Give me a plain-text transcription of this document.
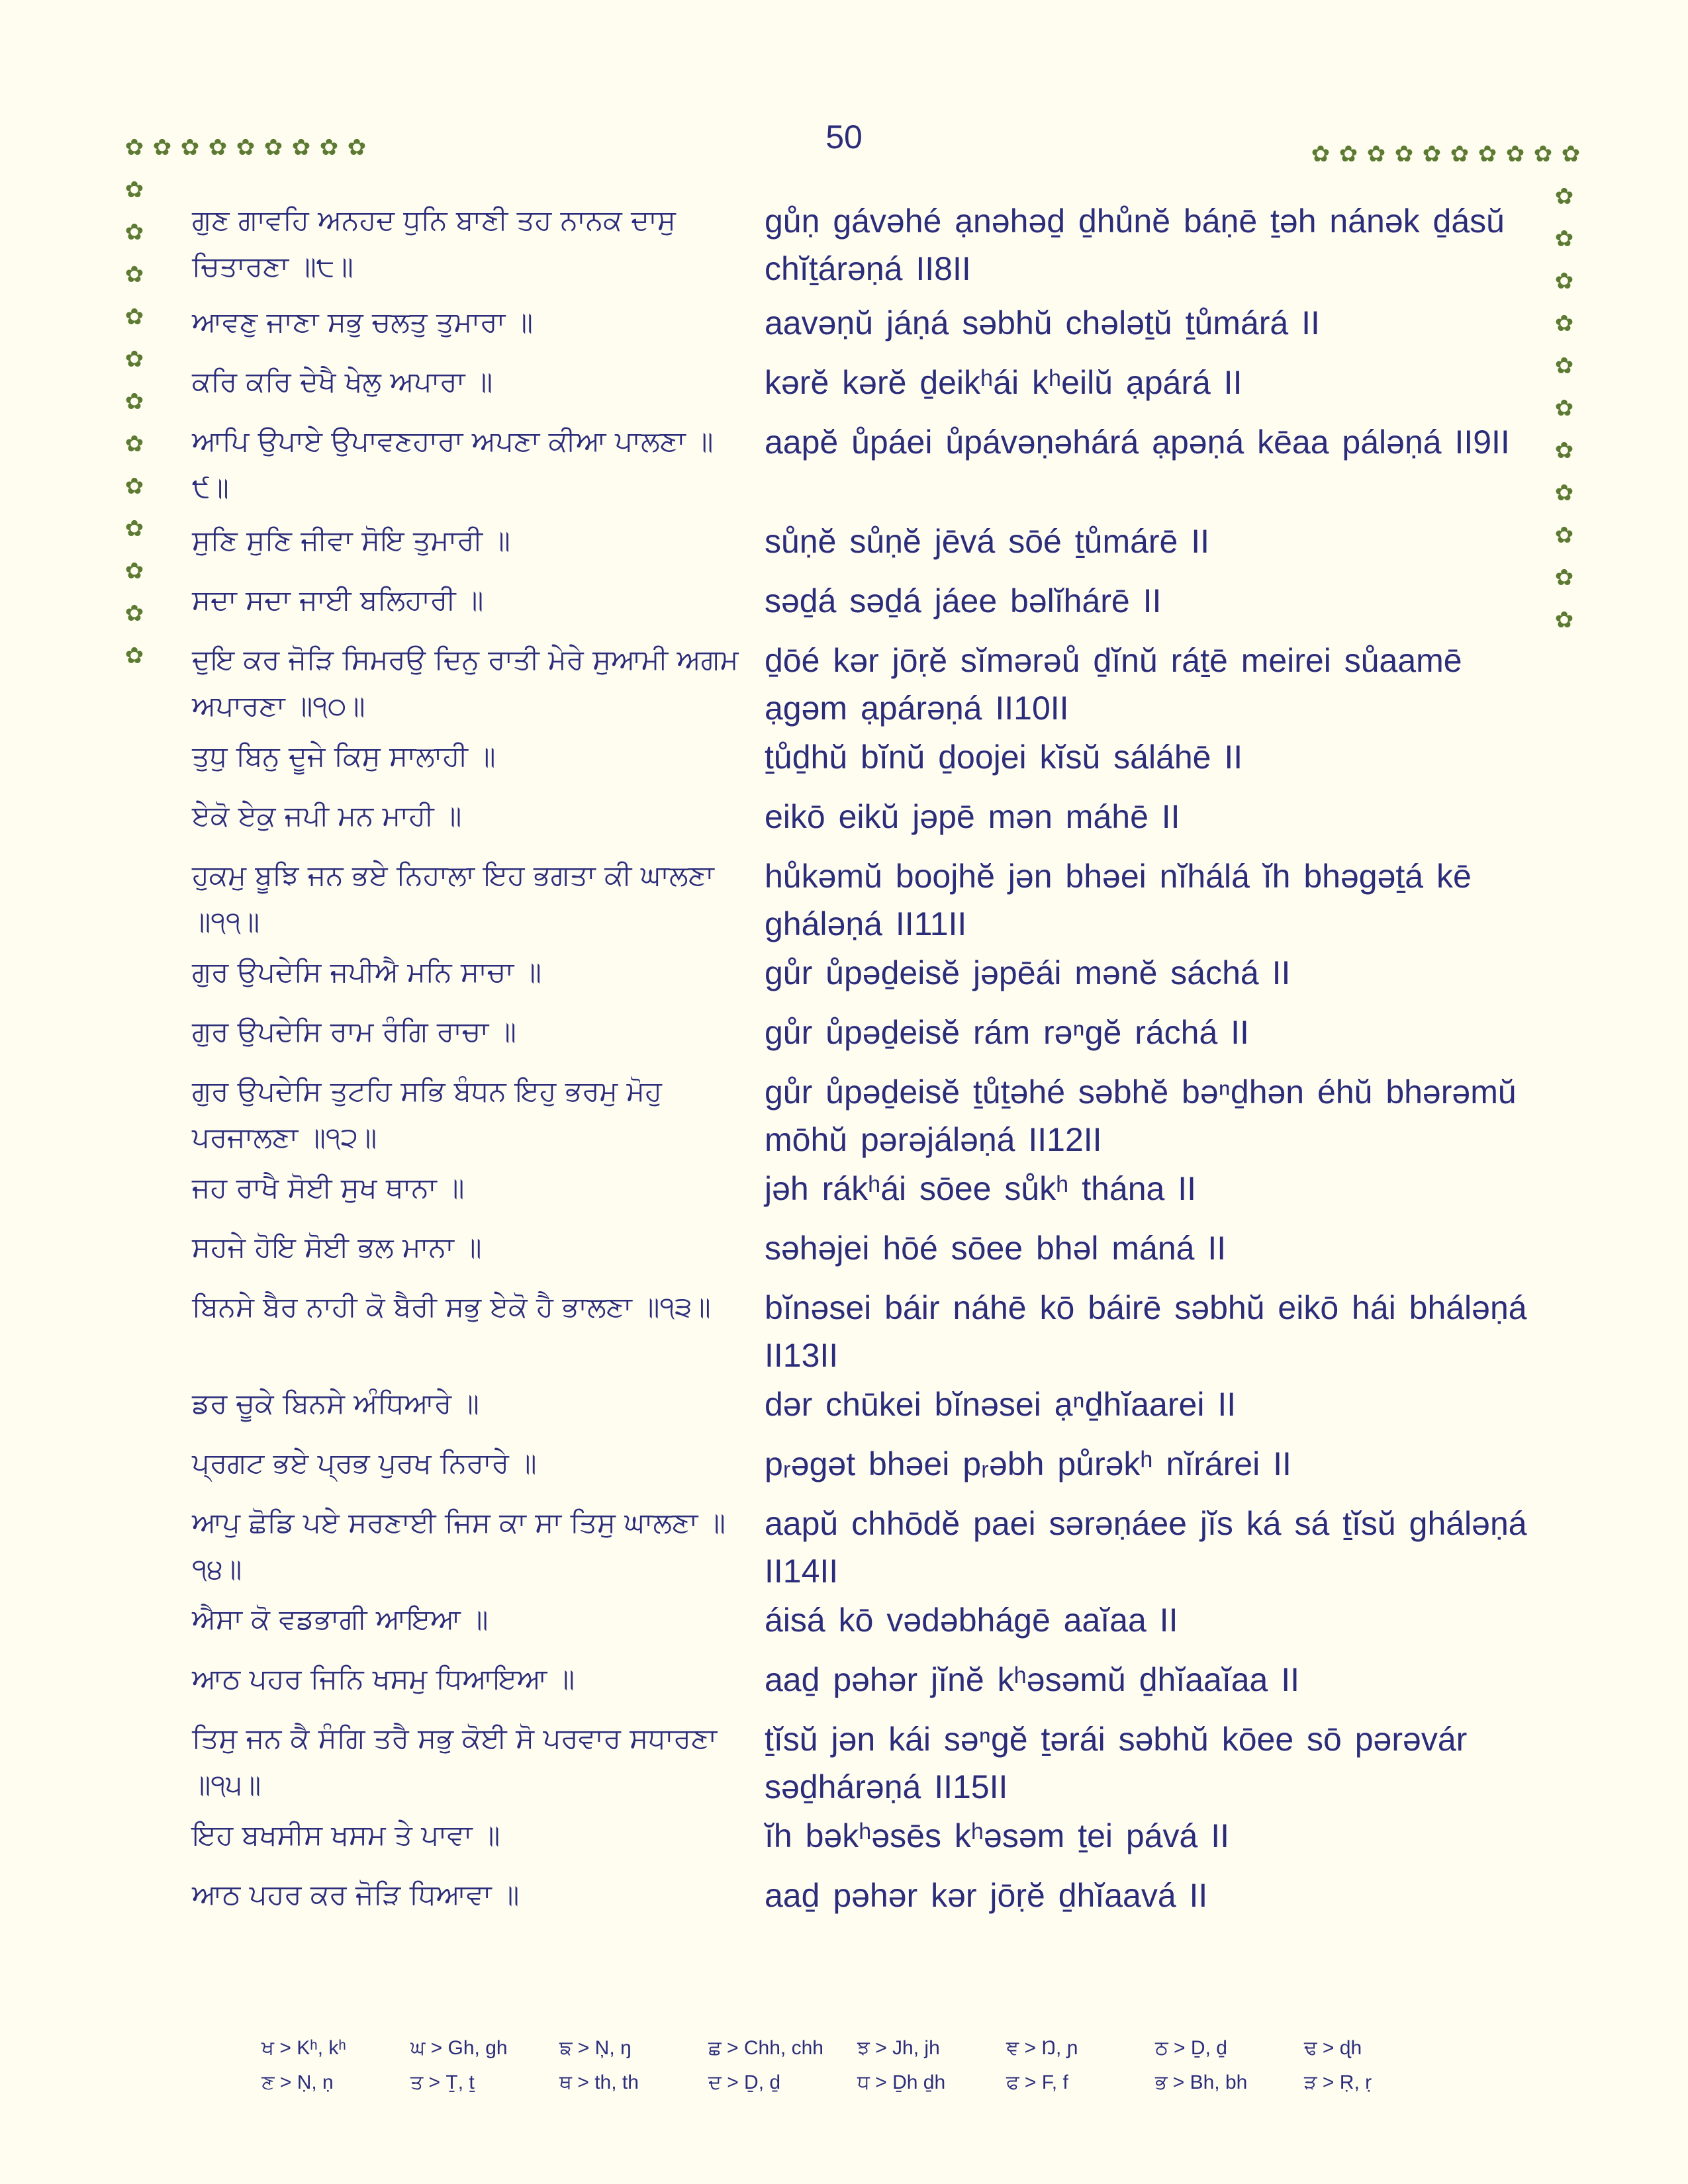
50
✿ ✿ ✿ ✿ ✿ ✿ ✿ ✿ ✿
✿
✿
✿
✿
✿
✿
✿
✿
✿
✿
✿
✿
✿ ✿ ✿ ✿ ✿ ✿ ✿ ✿ ✿ ✿
✿
✿
✿
✿
✿
✿
✿
✿
✿
✿
✿
ਗੁਣ ਗਾਵਹਿ ਅਨਹਦ ਧੁਨਿ ਬਾਣੀ ਤਹ ਨਾਨਕ ਦਾਸੁ ਚਿਤਾਰਣਾ ॥੮॥
gůṇ gávəhé ạnəhəḏ ḏhůnĕ báṇē ṯəh nánək ḏásŭ chĭṯárəṇá II8II
ਆਵਣੁ ਜਾਣਾ ਸਭੁ ਚਲਤੁ ਤੁਮਾਰਾ ॥	aavəṇŭ jáṇá səbhŭ chələṯŭ ṯůmárá II
ਕਰਿ ਕਰਿ ਦੇਖੈ ਖੇਲੁ ਅਪਾਰਾ ॥	kərĕ kərĕ ḏeikʰái kʰeilŭ ạpárá II
ਆਪਿ ਉਪਾਏ ਉਪਾਵਣਹਾਰਾ ਅਪਣਾ ਕੀਆ ਪਾਲਣਾ ॥੯॥
aapĕ ůpáei ůpávəṇəhárá ạpəṇá kēaa páləṇá II9II
ਸੁਣਿ ਸੁਣਿ ਜੀਵਾ ਸੋਇ ਤੁਮਾਰੀ ॥	sůṇĕ sůṇĕ jēvá sōé ṯůmárē II
ਸਦਾ ਸਦਾ ਜਾਈ ਬਲਿਹਾਰੀ ॥	səḏá səḏá jáee bəlĭhárē II
ਦੁਇ ਕਰ ਜੋੜਿ ਸਿਮਰਉ ਦਿਨੁ ਰਾਤੀ ਮੇਰੇ ਸੁਆਮੀ ਅਗਮ ਅਪਾਰਣਾ ॥੧੦॥
ḏōé kər jōṛĕ sĭmərəů ḏĭnŭ ráṯē meirei sůaamē ạgəm ạpárəṇá II10II
ਤੁਧੁ ਬਿਨੁ ਦੂਜੇ ਕਿਸੁ ਸਾਲਾਹੀ ॥	ṯůḏhŭ bĭnŭ ḏoojei kĭsŭ sáláhē II
ਏਕੋ ਏਕੁ ਜਪੀ ਮਨ ਮਾਹੀ ॥	eikō eikŭ jəpē mən máhē II
ਹੁਕਮੁ ਬੂਝਿ ਜਨ ਭਏ ਨਿਹਾਲਾ ਇਹ ਭਗਤਾ ਕੀ ਘਾਲਣਾ ॥੧੧॥
hůkəmŭ boojhĕ jən bhəei nĭhálá ĭh bhəgəṯá kē ghálәṇá II11II
ਗੁਰ ਉਪਦੇਸਿ ਜਪੀਐ ਮਨਿ ਸਾਚਾ ॥	gůr ůpəḏeisĕ jəpēái mənĕ sáchá II
ਗੁਰ ਉਪਦੇਸਿ ਰਾਮ ਰੰਗਿ ਰਾਚਾ ॥	gůr ůpəḏeisĕ rám rəⁿgĕ ráchá II
ਗੁਰ ਉਪਦੇਸਿ ਤੁਟਹਿ ਸਭਿ ਬੰਧਨ ਇਹੁ ਭਰਮੁ ਮੋਹੁ ਪਰਜਾਲਣਾ ॥੧੨॥
gůr ůpəḏeisĕ ṯůṯəhé səbhĕ bəⁿḏhən éhŭ bhərəmŭ mōhŭ pərəjáləṇá II12II
ਜਹ ਰਾਖੈ ਸੋਈ ਸੁਖ ਥਾਨਾ ॥	jəh rákʰái sōee sůkʰ thánа II
ਸਹਜੇ ਹੋਇ ਸੋਈ ਭਲ ਮਾਨਾ ॥	səhəjei hōé sōee bhəl máná II
ਬਿਨਸੇ ਬੈਰ ਨਾਹੀ ਕੋ ਬੈਰੀ ਸਭੁ ਏਕੋ ਹੈ ਭਾਲਣਾ ॥੧੩॥	bĭnəsei báir náhē kō báirē səbhŭ eikō hái bháləṇá II13II
ਡਰ ਚੂਕੇ ਬਿਨਸੇ ਅੰਧਿਆਰੇ ॥	dər chūkei bĭnəsei ạⁿḏhĭaarei II
ਪ੍ਰਗਟ ਭਏ ਪ੍ਰਭ ਪੁਰਖ ਨਿਰਾਰੇ ॥	pᵣəgət bhəei pᵣəbh půrəkʰ nĭrárei II
ਆਪੁ ਛੋਡਿ ਪਏ ਸਰਣਾਈ ਜਿਸ ਕਾ ਸਾ ਤਿਸੁ ਘਾਲਣਾ ॥੧੪॥
aapŭ chhōdĕ paei sərəṇáee jĭs ká sá ṯĭsŭ gháləṇá II14II
ਐਸਾ ਕੋ ਵਡਭਾਗੀ ਆਇਆ ॥	áisá kō vədəbhágē aaĭaa II
ਆਠ ਪਹਰ ਜਿਨਿ ਖਸਮੁ ਧਿਆਇਆ ॥	aaḏ pəhər jĭnĕ kʰəsəmŭ ḏhĭaaĭaa II
ਤਿਸੁ ਜਨ ਕੈ ਸੰਗਿ ਤਰੈ ਸਭੁ ਕੋਈ ਸੋ ਪਰਵਾਰ ਸਧਾਰਣਾ ॥੧੫॥
ṯĭsŭ jən kái səⁿgĕ ṯərái səbhŭ kōee sō pərəvár səḏhárəṇá II15II
ਇਹ ਬਖਸੀਸ ਖਸਮ ਤੇ ਪਾਵਾ ॥	ĭh bəkʰəsēs kʰəsəm ṯei pává II
ਆਠ ਪਹਰ ਕਰ ਜੋੜਿ ਧਿਆਵਾ ॥	aaḏ pəhər kər jōṛĕ ḏhĭaavá II
ਖ > Kʰ, kʰ	ਘ > Gh, gh	ਙ > Ņ, ŋ	ਛ > Chh, chh	ਝ > Jh, jh	ਞ > Ŋ, ɲ	ਠ > Ḏ, ḏ	ਢ > ɖh
ਣ > Ṇ, ṇ	ਤ > Ṯ, ṯ	ਥ > th, th	ਦ > Ḏ, ḏ	ਧ > Ḏh ḏh	ਫ > F, f	ਭ > Bh, bh	ੜ > Ṛ, ṛ
